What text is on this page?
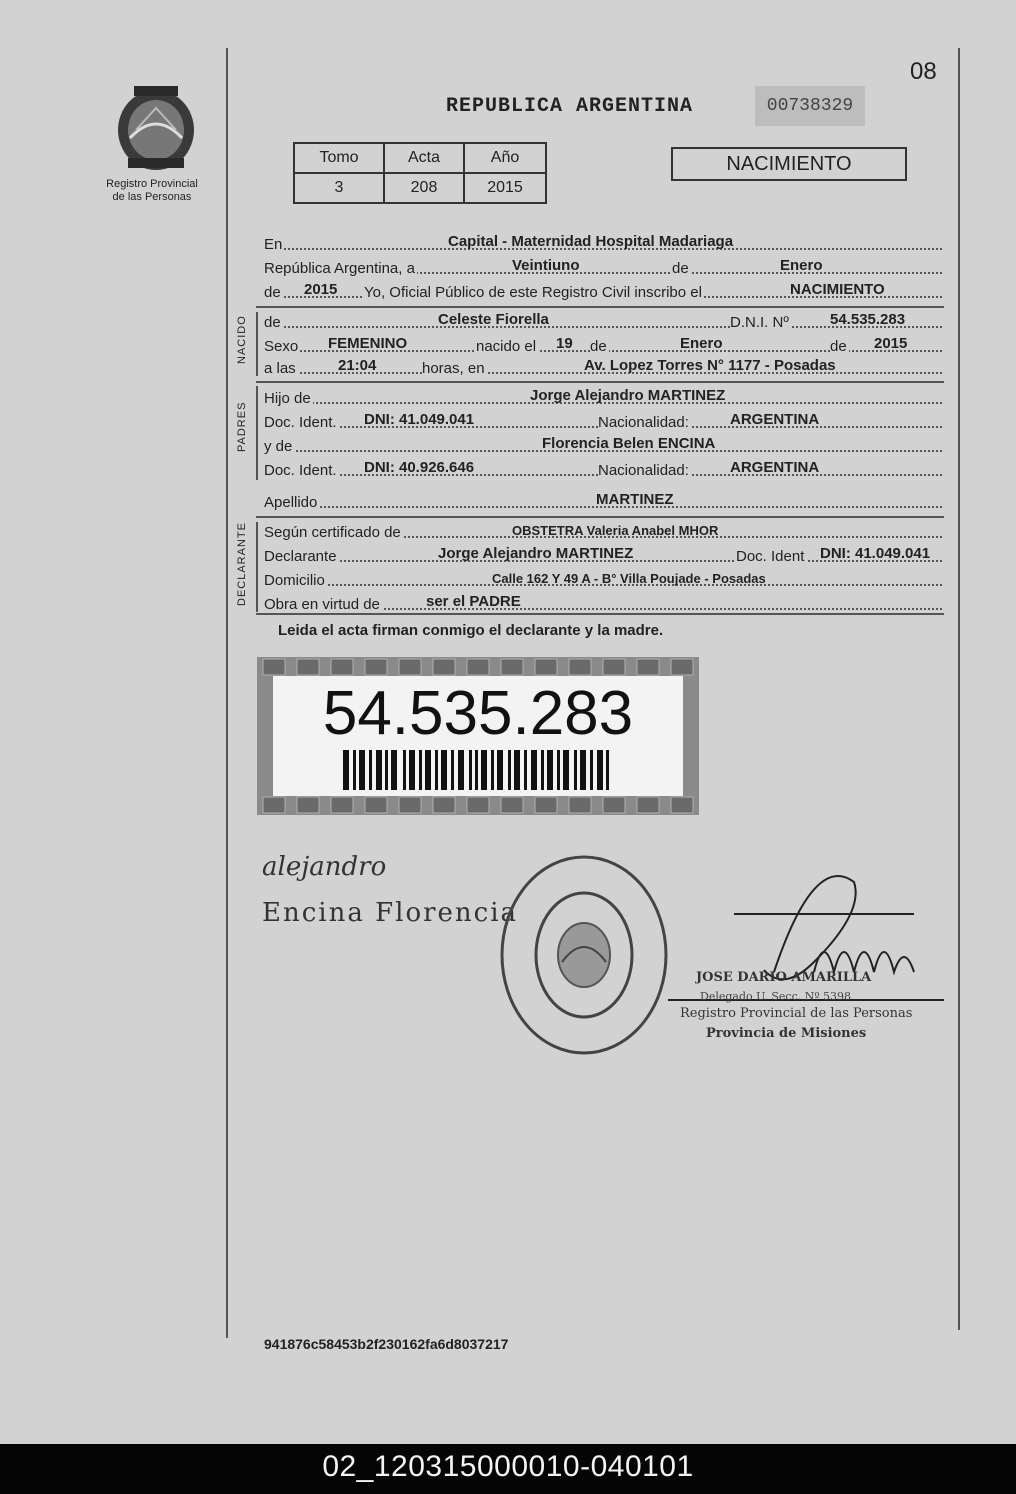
08
Registro Provincial
de las Personas
REPUBLICA ARGENTINA	00738329
Tomo	Acta	Año
3	208	2015
NACIMIENTO
En	Capital - Maternidad Hospital Madariaga
República Argentina, a	Veintiuno	de	Enero
de 2015 Yo, Oficial Público de este Registro Civil inscribo el	NACIMIENTO
NACIDO de	Celeste Fiorella	D.N.I. Nº	54.535.283
Sexo FEMENINO	nacido el 19 de	Enero	de 2015
a las	21:04	horas, en	Av. Lopez Torres N° 1177 - Posadas
PADRES
Hijo de	Jorge Alejandro MARTINEZ
Doc. Ident. DNI: 41.049.041	Nacionalidad:	ARGENTINA
y de	Florencia Belen ENCINA
Doc. Ident. DNI: 40.926.646	Nacionalidad:	ARGENTINA
Apellido	MARTINEZ
DECLARANTE Según certificado de	OBSTETRA Valeria Anabel MHOR
Declarante	Jorge Alejandro MARTINEZ	Doc. Ident DNI: 41.049.041
Domicilio	Calle 162 Y 49 A - B° Villa Poujade - Posadas
Obra en virtud de	ser el PADRE
Leida el acta firman conmigo el declarante y la madre.
54.535.283
alejandro
Encina Florencia
JOSE DARIO AMARILLA
Delegado U. Secc. Nº 5398
Registro Provincial de las Personas
Provincia de Misiones
941876c58453b2f230162fa6d8037217
02_120315000010-040101
